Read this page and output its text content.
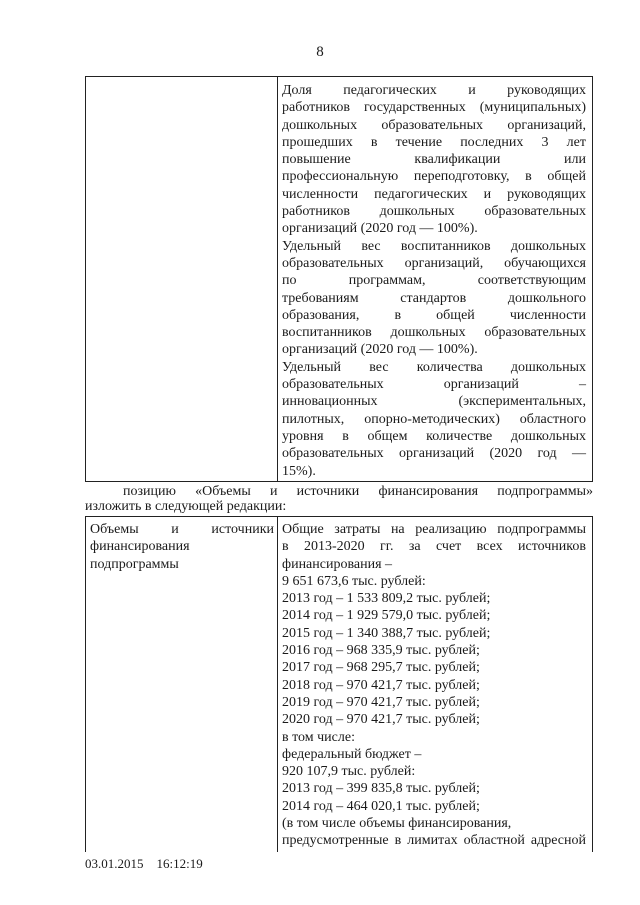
8
Доля педагогических и руководящих
работников государственных (муниципальных)
дошкольных образовательных организаций,
прошедших в течение последних 3 лет
повышение квалификации или
профессиональную переподготовку, в общей
численности педагогических и руководящих
работников дошкольных образовательных
организаций (2020 год — 100%).
Удельный вес воспитанников дошкольных
образовательных организаций, обучающихся
по программам, соответствующим
требованиям стандартов дошкольного
образования, в общей численности
воспитанников дошкольных образовательных
организаций (2020 год — 100%).
Удельный вес количества дошкольных
образовательных организаций –
инновационных (экспериментальных,
пилотных, опорно-методических) областного
уровня в общем количестве дошкольных
образовательных организаций (2020 год —
15%).
позицию «Объемы и источники финансирования подпрограммы»
изложить в следующей редакции:
Объемы и источники
финансирования
подпрограммы
Общие затраты на реализацию подпрограммы
в 2013-2020 гг. за счет всех источников
финансирования –
9 651 673,6 тыс. рублей:
2013 год – 1 533 809,2 тыс. рублей;
2014 год – 1 929 579,0 тыс. рублей;
2015 год – 1 340 388,7 тыс. рублей;
2016 год – 968 335,9 тыс. рублей;
2017 год – 968 295,7 тыс. рублей;
2018 год – 970 421,7 тыс. рублей;
2019 год – 970 421,7 тыс. рублей;
2020 год – 970 421,7 тыс. рублей;
в том числе:
федеральный бюджет –
920 107,9 тыс. рублей:
2013 год – 399 835,8 тыс. рублей;
2014 год – 464 020,1 тыс. рублей;
(в том числе объемы финансирования,
предусмотренные в лимитах областной адресной
03.01.2015 16:12:19
